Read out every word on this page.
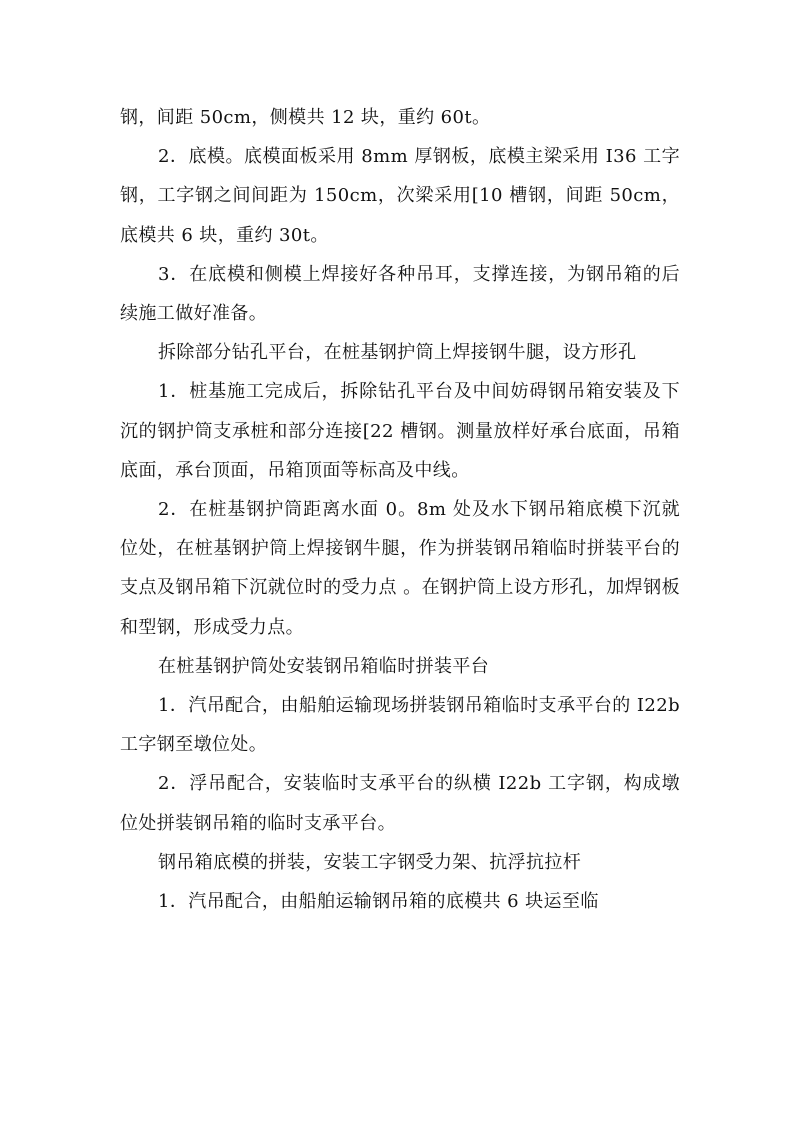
钢，间距 50cm，侧模共 12 块，重约 60t。

2．底模。底模面板采用 8mm 厚钢板，底模主梁采用 I36 工字钢，工字钢之间间距为 150cm，次梁采用[10 槽钢，间距 50cm，底模共 6 块，重约 30t。

3．在底模和侧模上焊接好各种吊耳，支撑连接，为钢吊箱的后续施工做好准备。

拆除部分钻孔平台，在桩基钢护筒上焊接钢牛腿，设方形孔

1．桩基施工完成后，拆除钻孔平台及中间妨碍钢吊箱安装及下沉的钢护筒支承桩和部分连接[22 槽钢。测量放样好承台底面，吊箱底面，承台顶面，吊箱顶面等标高及中线。

2．在桩基钢护筒距离水面 0。8m 处及水下钢吊箱底模下沉就位处，在桩基钢护筒上焊接钢牛腿，作为拼装钢吊箱临时拼装平台的支点及钢吊箱下沉就位时的受力点 。在钢护筒上设方形孔，加焊钢板和型钢，形成受力点。

在桩基钢护筒处安装钢吊箱临时拼装平台

1．汽吊配合，由船舶运输现场拼装钢吊箱临时支承平台的 I22b 工字钢至墩位处。

2．浮吊配合，安装临时支承平台的纵横 I22b 工字钢，构成墩位处拼装钢吊箱的临时支承平台。

钢吊箱底模的拼装，安装工字钢受力架、抗浮抗拉杆

1．汽吊配合，由船舶运输钢吊箱的底模共 6 块运至临
